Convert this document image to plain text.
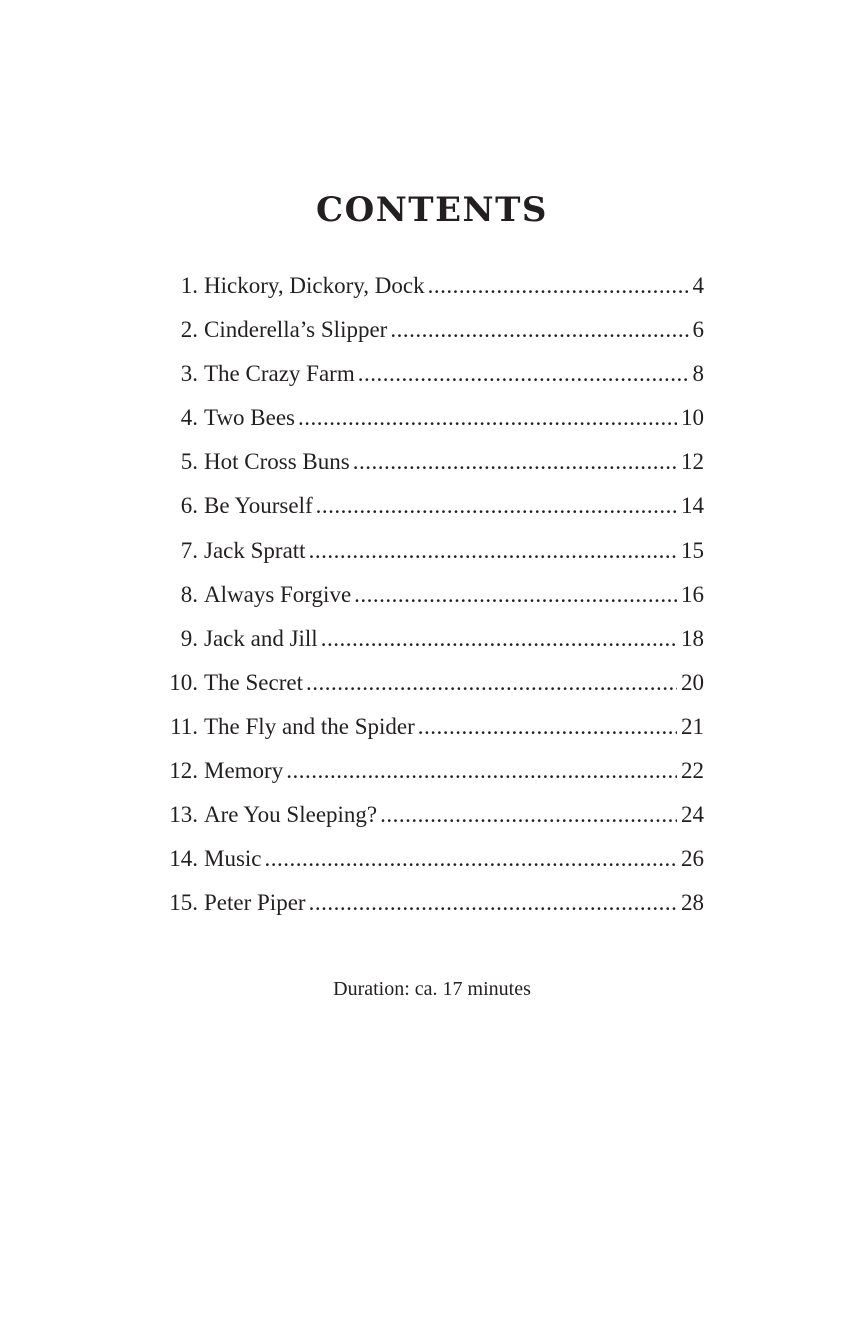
CONTENTS
1. Hickory, Dickory, Dock .....	4
2. Cinderella’s Slipper .....	6
3. The Crazy Farm .....	8
4. Two Bees .....	10
5. Hot Cross Buns .....	12
6. Be Yourself .....	14
7. Jack Spratt .....	15
8. Always Forgive .....	16
9. Jack and Jill .....	18
10. The Secret .....	20
11. The Fly and the Spider .....	21
12. Memory .....	22
13. Are You Sleeping? .....	24
14. Music .....	26
15. Peter Piper .....	28

Duration: ca. 17 minutes
